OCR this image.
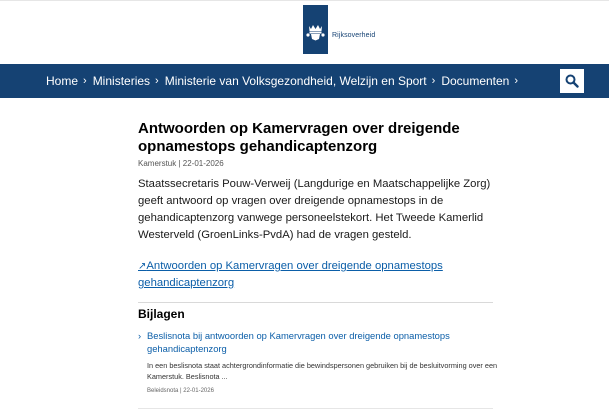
Rijksoverheid
Home › Ministeries › Ministerie van Volksgezondheid, Welzijn en Sport › Documenten ›
Antwoorden op Kamervragen over dreigende opnamestops gehandicaptenzorg
Kamerstuk | 22-01-2026

Staatssecretaris Pouw-Verweij (Langdurige en Maatschappelijke Zorg) geeft antwoord op vragen over dreigende opnamestops in de gehandicaptenzorg vanwege personeelstekort. Het Tweede Kamerlid Westerveld (GroenLinks-PvdA) had de vragen gesteld.

↗Antwoorden op Kamervragen over dreigende opnamestops gehandicaptenzorg
Bijlagen
› Beslisnota bij antwoorden op Kamervragen over dreigende opnamestops gehandicaptenzorg
In een beslisnota staat achtergrondinformatie die bewindspersonen gebruiken bij de besluitvorming over een Kamerstuk. Beslisnota ...
Beleidsnota | 22-01-2026
